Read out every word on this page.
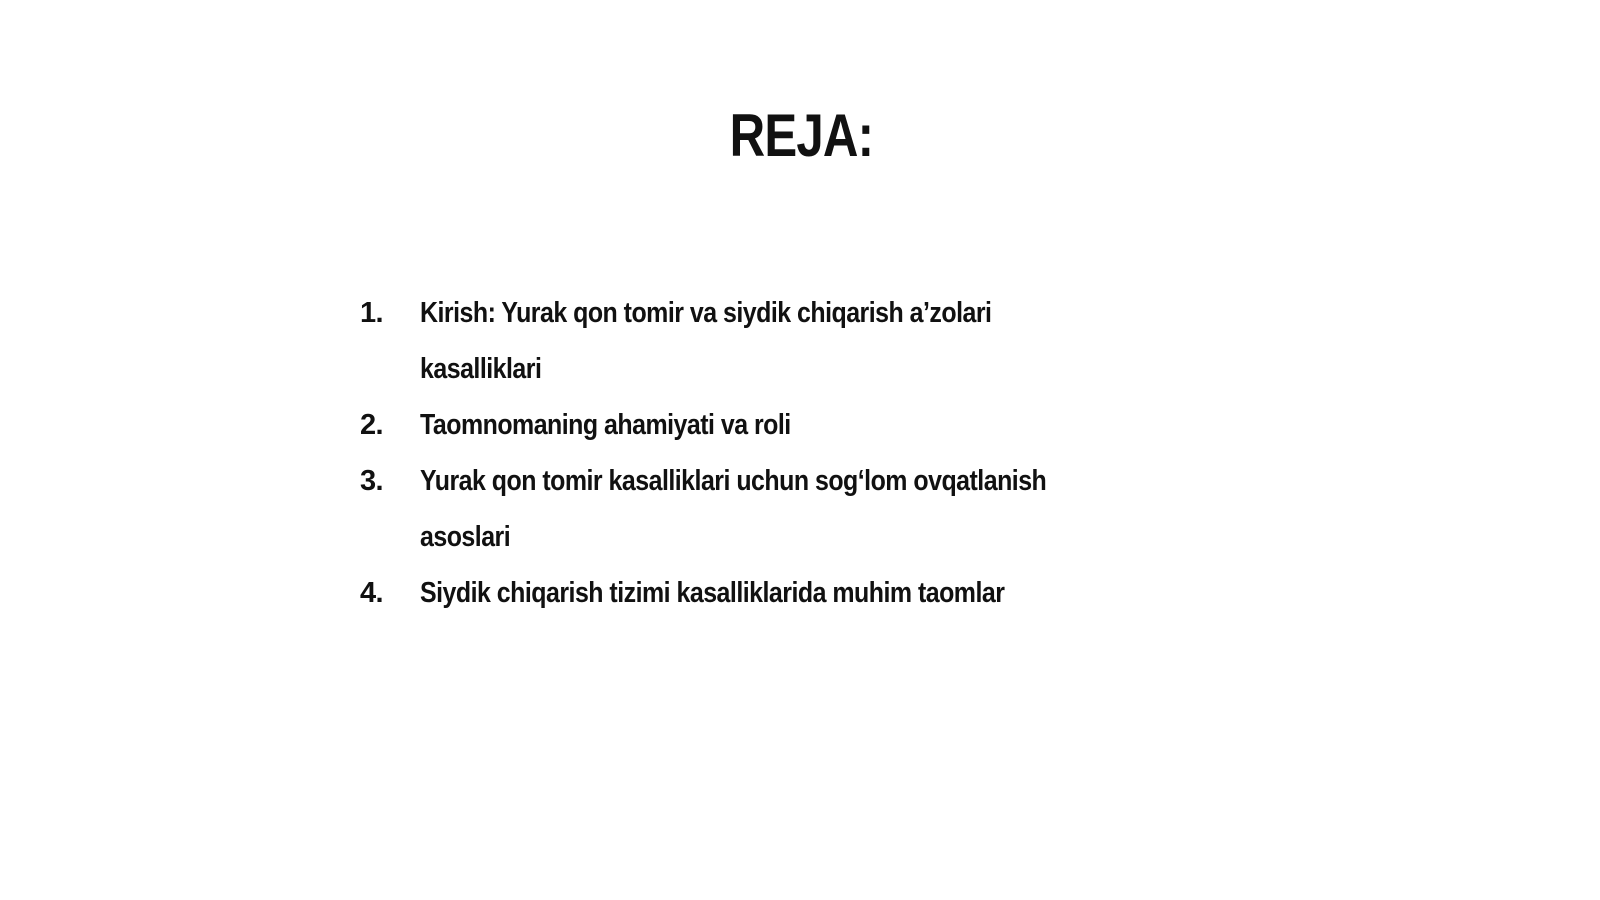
REJA:
1.	Kirish: Yurak qon tomir va siydik chiqarish a’zolari kasalliklari
2.	Taomnomaning ahamiyati va roli
3.	Yurak qon tomir kasalliklari uchun sog‘lom ovqatlanish asoslari
4.	Siydik chiqarish tizimi kasalliklarida muhim taomlar
